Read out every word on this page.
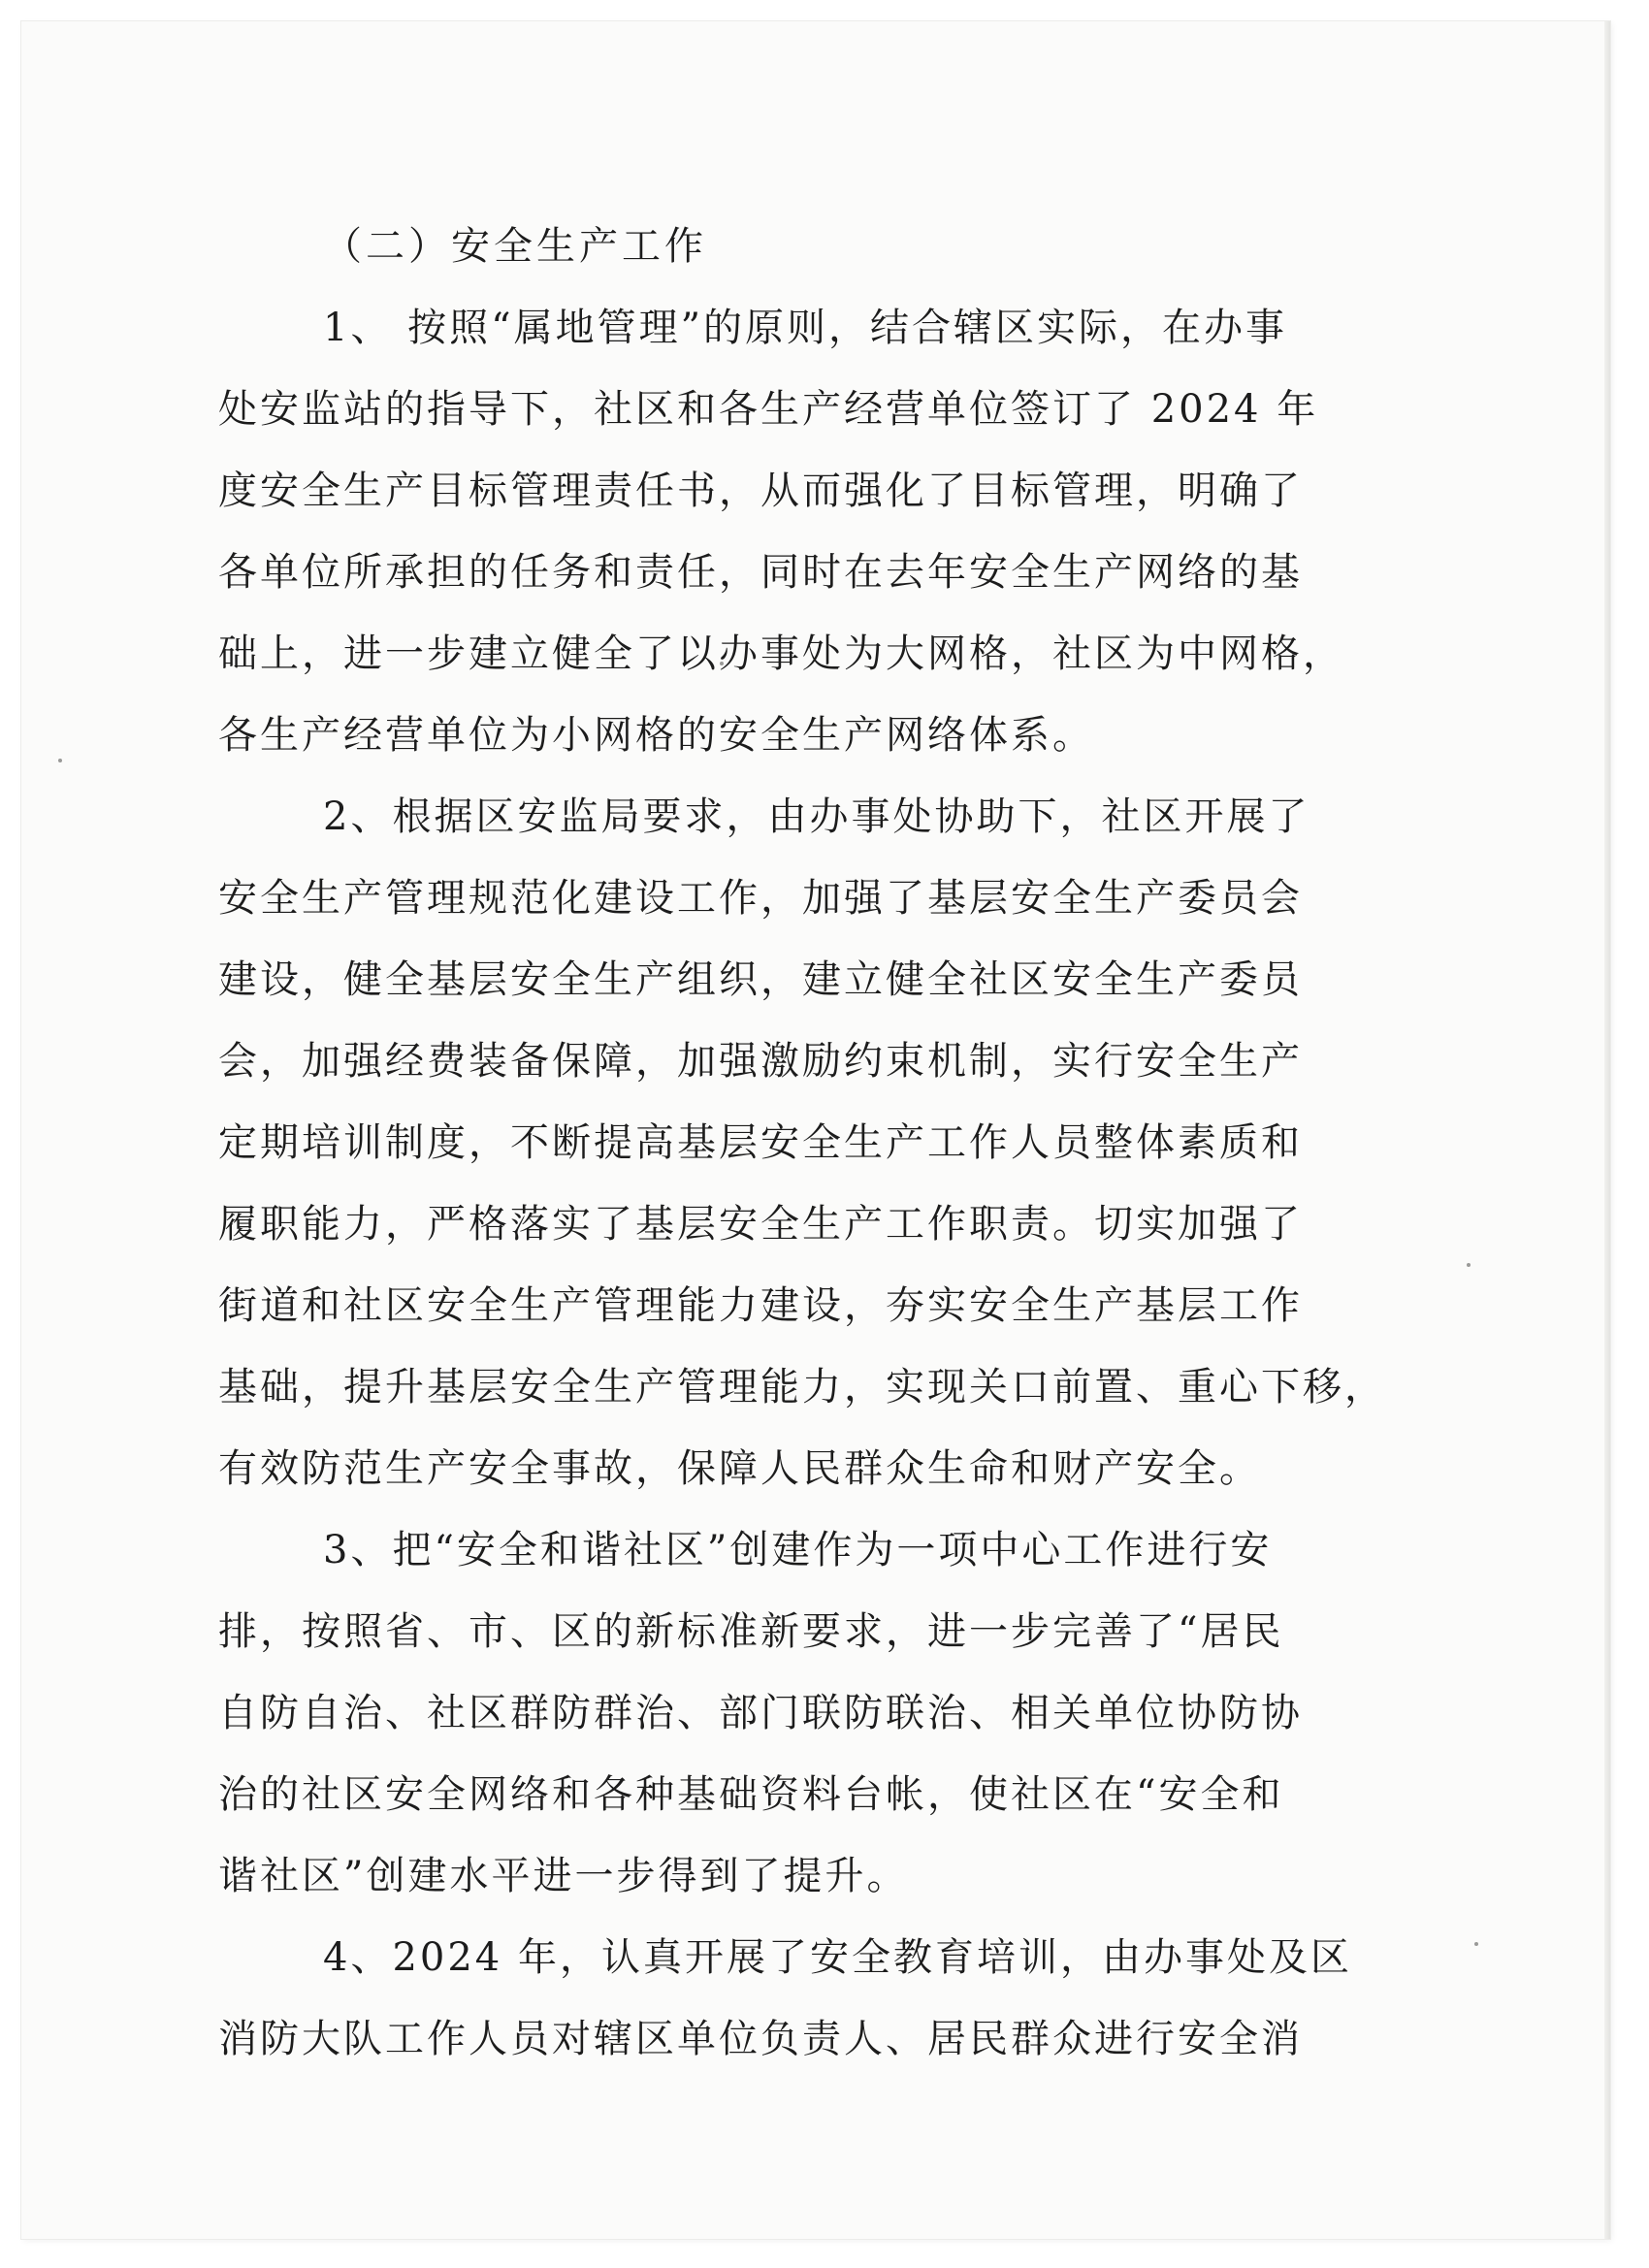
（二）安全生产工作
1、 按照“属地管理”的原则，结合辖区实际，在办事
处安监站的指导下，社区和各生产经营单位签订了 2024 年
度安全生产目标管理责任书，从而强化了目标管理，明确了
各单位所承担的任务和责任，同时在去年安全生产网络的基
础上，进一步建立健全了以办事处为大网格，社区为中网格，
各生产经营单位为小网格的安全生产网络体系。
2、根据区安监局要求，由办事处协助下，社区开展了
安全生产管理规范化建设工作，加强了基层安全生产委员会
建设，健全基层安全生产组织，建立健全社区安全生产委员
会，加强经费装备保障，加强激励约束机制，实行安全生产
定期培训制度，不断提高基层安全生产工作人员整体素质和
履职能力，严格落实了基层安全生产工作职责。切实加强了
街道和社区安全生产管理能力建设，夯实安全生产基层工作
基础，提升基层安全生产管理能力，实现关口前置、重心下移，
有效防范生产安全事故，保障人民群众生命和财产安全。
3、把“安全和谐社区”创建作为一项中心工作进行安
排，按照省、市、区的新标准新要求，进一步完善了“居民
自防自治、社区群防群治、部门联防联治、相关单位协防协
治的社区安全网络和各种基础资料台帐，使社区在“安全和
谐社区”创建水平进一步得到了提升。
4、2024 年，认真开展了安全教育培训，由办事处及区
消防大队工作人员对辖区单位负责人、居民群众进行安全消
